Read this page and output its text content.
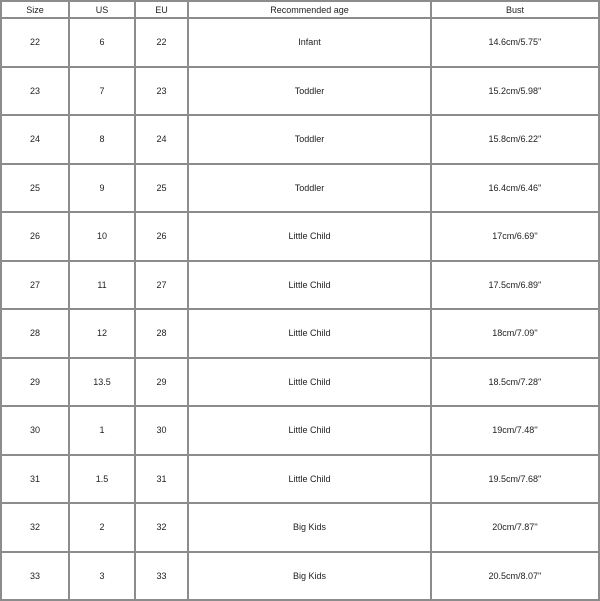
Size	US	EU	Recommended age	Bust
22	6	22	Infant	14.6cm/5.75''
23	7	23	Toddler	15.2cm/5.98''
24	8	24	Toddler	15.8cm/6.22''
25	9	25	Toddler	16.4cm/6.46''
26	10	26	Little Child	17cm/6.69''
27	11	27	Little Child	17.5cm/6.89''
28	12	28	Little Child	18cm/7.09''
29	13.5	29	Little Child	18.5cm/7.28''
30	1	30	Little Child	19cm/7.48''
31	1.5	31	Little Child	19.5cm/7.68''
32	2	32	Big Kids	20cm/7.87''
33	3	33	Big Kids	20.5cm/8.07''
